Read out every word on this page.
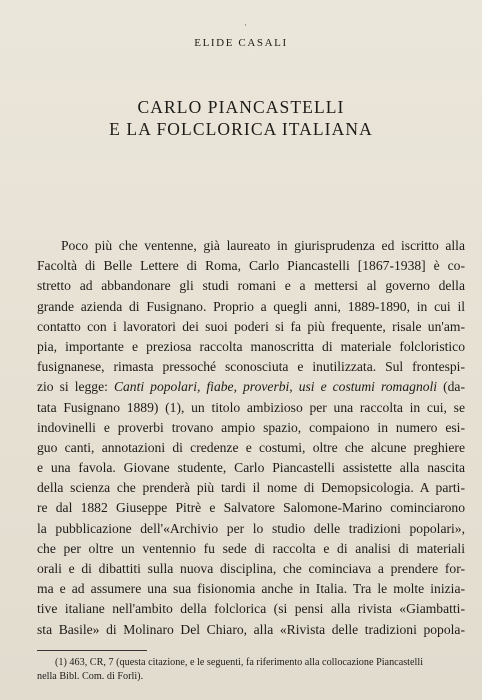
·
ELIDE CASALI
CARLO PIANCASTELLI
E LA FOLCLORICA ITALIANA
Poco più che ventenne, già laureato in giurisprudenza ed iscritto alla
Facoltà di Belle Lettere di Roma, Carlo Piancastelli [1867-1938] è co-
stretto ad abbandonare gli studi romani e a mettersi al governo della
grande azienda di Fusignano. Proprio a quegli anni, 1889-1890, in cui il
contatto con i lavoratori dei suoi poderi si fa più frequente, risale un'am-
pia, importante e preziosa raccolta manoscritta di materiale folcloristico
fusignanese, rimasta pressoché sconosciuta e inutilizzata. Sul frontespi-
zio si legge: Canti popolari, fiabe, proverbi, usi e costumi romagnoli (da-
tata Fusignano 1889) (1), un titolo ambizioso per una raccolta in cui, se
indovinelli e proverbi trovano ampio spazio, compaiono in numero esi-
guo canti, annotazioni di credenze e costumi, oltre che alcune preghiere
e una favola. Giovane studente, Carlo Piancastelli assistette alla nascita
della scienza che prenderà più tardi il nome di Demopsicologia. A parti-
re dal 1882 Giuseppe Pitrè e Salvatore Salomone-Marino cominciarono
la pubblicazione dell'«Archivio per lo studio delle tradizioni popolari»,
che per oltre un ventennio fu sede di raccolta e di analisi di materiali
orali e di dibattiti sulla nuova disciplina, che cominciava a prendere for-
ma e ad assumere una sua fisionomia anche in Italia. Tra le molte inizia-
tive italiane nell'ambito della folclorica (si pensi alla rivista «Giambatti-
sta Basile» di Molinaro Del Chiaro, alla «Rivista delle tradizioni popola-
(1) 463, CR, 7 (questa citazione, e le seguenti, fa riferimento alla collocazione Piancastelli
nella Bibl. Com. di Forlì).
